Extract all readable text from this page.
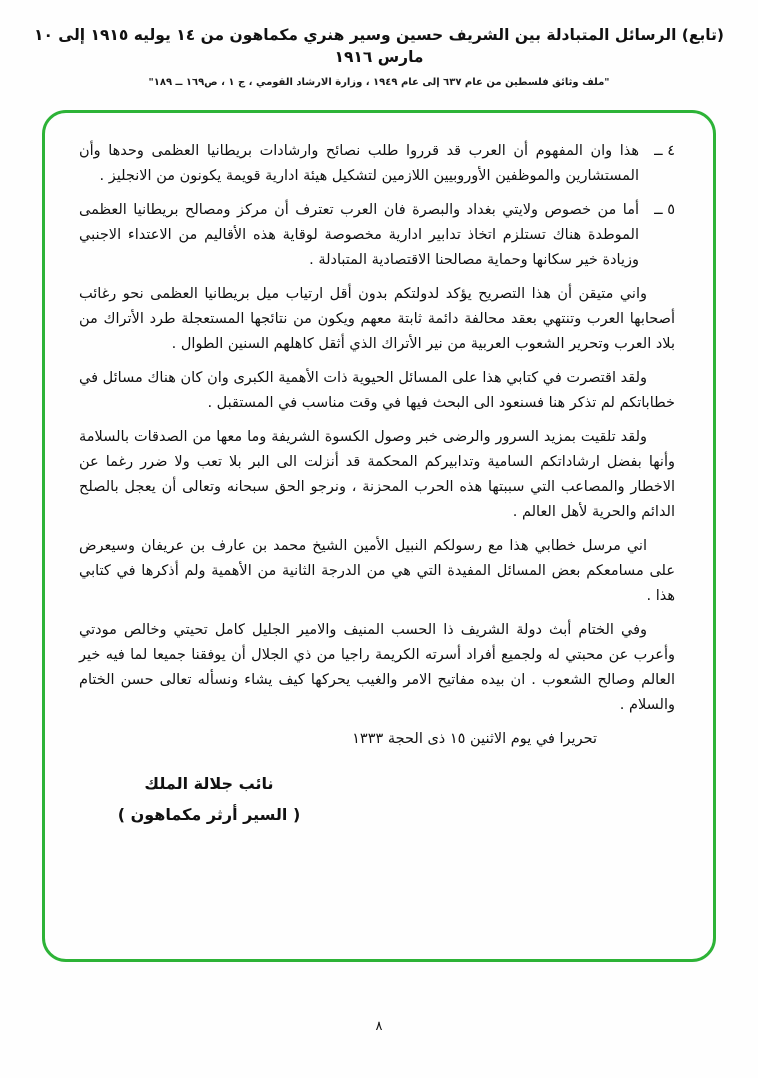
(تابع) الرسائل المتبادلة بين الشريف حسين وسير هنري مكماهون من ١٤ يوليه ١٩١٥ إلى ١٠ مارس ١٩١٦
"ملف وثائق فلسطين من عام ٦٣٧ إلى عام ١٩٤٩ ، وزارة الارشاد القومي ، ج ١ ، ص١٦٩ ــ ١٨٩"

٤ ــهذا وان المفهوم أن العرب قد قرروا طلب نصائح وارشادات بريطانيا العظمى وحدها وأن المستشارين والموظفين الأوروبيين اللازمين لتشكيل هيئة ادارية قويمة يكونون من الانجليز .

٥ ــأما من خصوص ولايتي بغداد والبصرة فان العرب تعترف أن مركز ومصالح بريطانيا العظمى الموطدة هناك تستلزم اتخاذ تدابير ادارية مخصوصة لوقاية هذه الأقاليم من الاعتداء الاجنبي وزيادة خير سكانها وحماية مصالحنا الاقتصادية المتبادلة .

واني متيقن أن هذا التصريح يؤكد لدولتكم بدون أقل ارتياب ميل بريطانيا العظمى نحو رغائب أصحابها العرب وتنتهي بعقد محالفة دائمة ثابتة معهم ويكون من نتائجها المستعجلة طرد الأتراك من بلاد العرب وتحرير الشعوب العربية من نير الأتراك الذي أثقل كاهلهم السنين الطوال .

ولقد اقتصرت في كتابي هذا على المسائل الحيوية ذات الأهمية الكبرى وان كان هناك مسائل في خطاباتكم لم تذكر هنا فسنعود الى البحث فيها في وقت مناسب في المستقبل .

ولقد تلقيت بمزيد السرور والرضى خبر وصول الكسوة الشريفة وما معها من الصدقات بالسلامة وأنها بفضل ارشاداتكم السامية وتدابيركم المحكمة قد أنزلت الى البر بلا تعب ولا ضرر رغما عن الاخطار والمصاعب التي سببتها هذه الحرب المحزنة ، ونرجو الحق سبحانه وتعالى أن يعجل بالصلح الدائم والحرية لأهل العالم .

اني مرسل خطابي هذا مع رسولكم النبيل الأمين الشيخ محمد بن عارف بن عريفان وسيعرض على مسامعكم بعض المسائل المفيدة التي هي من الدرجة الثانية من الأهمية ولم أذكرها في كتابي هذا .

وفي الختام أبث دولة الشريف ذا الحسب المنيف والامير الجليل كامل تحيتي وخالص مودتي وأعرب عن محبتي له ولجميع أفراد أسرته الكريمة راجيا من ذي الجلال أن يوفقنا جميعا لما فيه خير العالم وصالح الشعوب . ان بيده مفاتيح الامر والغيب يحركها كيف يشاء ونسأله تعالى حسن الختام والسلام .

تحريرا في يوم الاثنين ١٥ ذى الحجة ١٣٣٣

نائب جلالة الملك
( السير أرثر مكماهون )
٨
